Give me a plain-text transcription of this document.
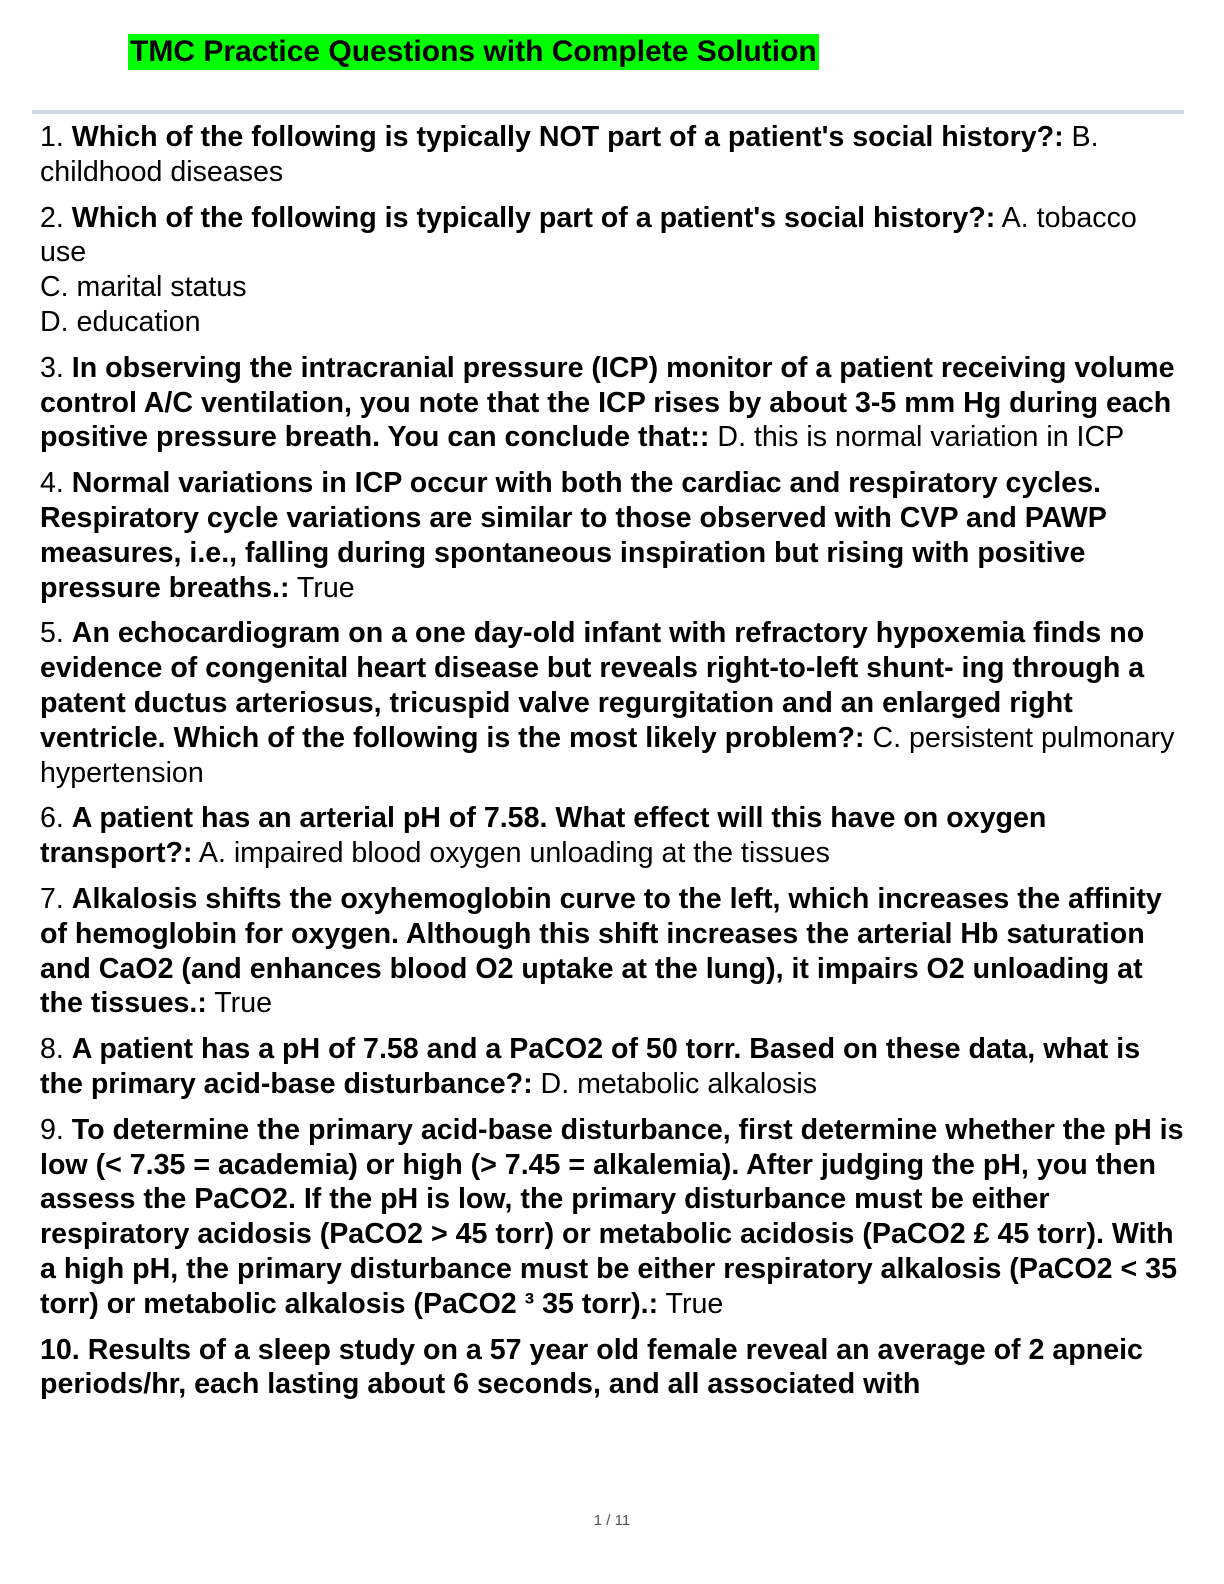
TMC Practice Questions with Complete Solution
1. Which of the following is typically NOT part of a patient's social history?: B. childhood diseases
2. Which of the following is typically part of a patient's social history?: A. tobacco use
C. marital status
D. education
3. In observing the intracranial pressure (ICP) monitor of a patient receiving volume control A/C ventilation, you note that the ICP rises by about 3-5 mm Hg during each positive pressure breath. You can conclude that:: D. this is normal variation in ICP
4. Normal variations in ICP occur with both the cardiac and respiratory cycles. Respiratory cycle variations are similar to those observed with CVP and PAWP measures, i.e., falling during spontaneous inspiration but rising with positive pressure breaths.: True
5. An echocardiogram on a one day-old infant with refractory hypoxemia finds no evidence of congenital heart disease but reveals right-to-left shunt- ing through a patent ductus arteriosus, tricuspid valve regurgitation and an enlarged right ventricle. Which of the following is the most likely problem?: C. persistent pulmonary hypertension
6. A patient has an arterial pH of 7.58. What effect will this have on oxygen transport?: A. impaired blood oxygen unloading at the tissues
7. Alkalosis shifts the oxyhemoglobin curve to the left, which increases the affinity of hemoglobin for oxygen. Although this shift increases the arterial Hb saturation and CaO2 (and enhances blood O2 uptake at the lung), it impairs O2 unloading at the tissues.: True
8. A patient has a pH of 7.58 and a PaCO2 of 50 torr. Based on these data, what is the primary acid-base disturbance?: D. metabolic alkalosis
9. To determine the primary acid-base disturbance, first determine whether the pH is low (< 7.35 = academia) or high (> 7.45 = alkalemia). After judging the pH, you then assess the PaCO2. If the pH is low, the primary disturbance must be either respiratory acidosis (PaCO2 > 45 torr) or metabolic acidosis (PaCO2 £ 45 torr). With a high pH, the primary disturbance must be either respiratory alkalosis (PaCO2 < 35 torr) or metabolic alkalosis (PaCO2 ³ 35 torr).: True
10. Results of a sleep study on a 57 year old female reveal an average of 2 apneic periods/hr, each lasting about 6 seconds, and all associated with
1 / 11
